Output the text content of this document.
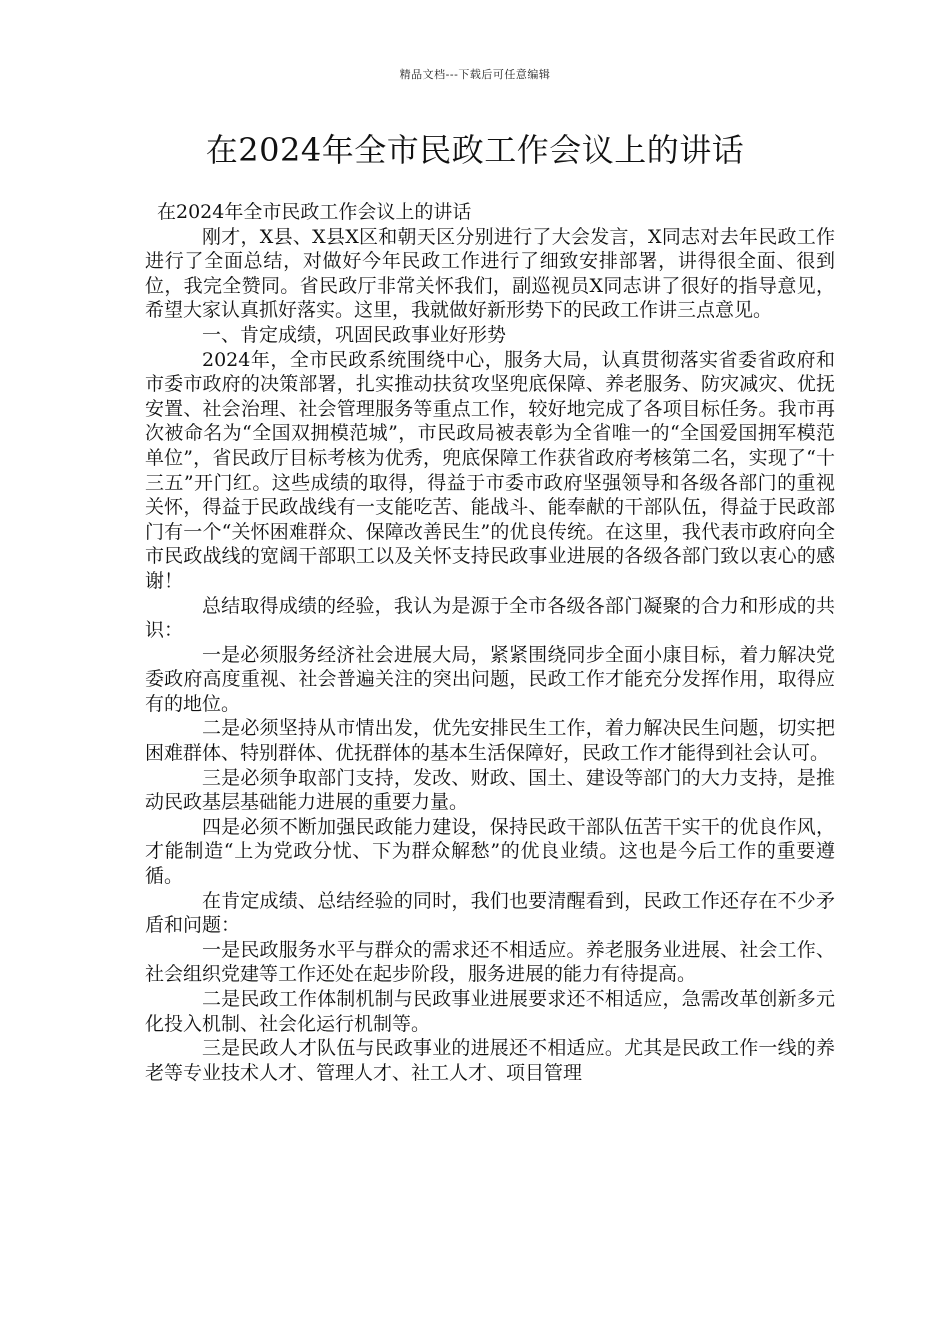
精品文档---下载后可任意编辑
在2024年全市民政工作会议上的讲话

在2024年全市民政工作会议上的讲话

刚才，X县、X县X区和朝天区分别进行了大会发言，X同志对去年民政工作进行了全面总结，对做好今年民政工作进行了细致安排部署，讲得很全面、很到位，我完全赞同。省民政厅非常关怀我们，副巡视员X同志讲了很好的指导意见，希望大家认真抓好落实。这里，我就做好新形势下的民政工作讲三点意见。

一、肯定成绩，巩固民政事业好形势

2024年，全市民政系统围绕中心，服务大局，认真贯彻落实省委省政府和市委市政府的决策部署，扎实推动扶贫攻坚兜底保障、养老服务、防灾减灾、优抚安置、社会治理、社会管理服务等重点工作，较好地完成了各项目标任务。我市再次被命名为“全国双拥模范城”，市民政局被表彰为全省唯一的“全国爱国拥军模范单位”，省民政厅目标考核为优秀，兜底保障工作获省政府考核第二名，实现了“十三五”开门红。这些成绩的取得，得益于市委市政府坚强领导和各级各部门的重视关怀，得益于民政战线有一支能吃苦、能战斗、能奉献的干部队伍，得益于民政部门有一个“关怀困难群众、保障改善民生”的优良传统。在这里，我代表市政府向全市民政战线的宽阔干部职工以及关怀支持民政事业进展的各级各部门致以衷心的感谢！

总结取得成绩的经验，我认为是源于全市各级各部门凝聚的合力和形成的共识：

一是必须服务经济社会进展大局，紧紧围绕同步全面小康目标，着力解决党委政府高度重视、社会普遍关注的突出问题，民政工作才能充分发挥作用，取得应有的地位。

二是必须坚持从市情出发，优先安排民生工作，着力解决民生问题，切实把困难群体、特别群体、优抚群体的基本生活保障好，民政工作才能得到社会认可。

三是必须争取部门支持，发改、财政、国土、建设等部门的大力支持，是推动民政基层基础能力进展的重要力量。

四是必须不断加强民政能力建设，保持民政干部队伍苦干实干的优良作风，才能制造“上为党政分忧、下为群众解愁”的优良业绩。这也是今后工作的重要遵循。

在肯定成绩、总结经验的同时，我们也要清醒看到，民政工作还存在不少矛盾和问题：

一是民政服务水平与群众的需求还不相适应。养老服务业进展、社会工作、社会组织党建等工作还处在起步阶段，服务进展的能力有待提高。

二是民政工作体制机制与民政事业进展要求还不相适应，急需改革创新多元化投入机制、社会化运行机制等。

三是民政人才队伍与民政事业的进展还不相适应。尤其是民政工作一线的养老等专业技术人才、管理人才、社工人才、项目管理
